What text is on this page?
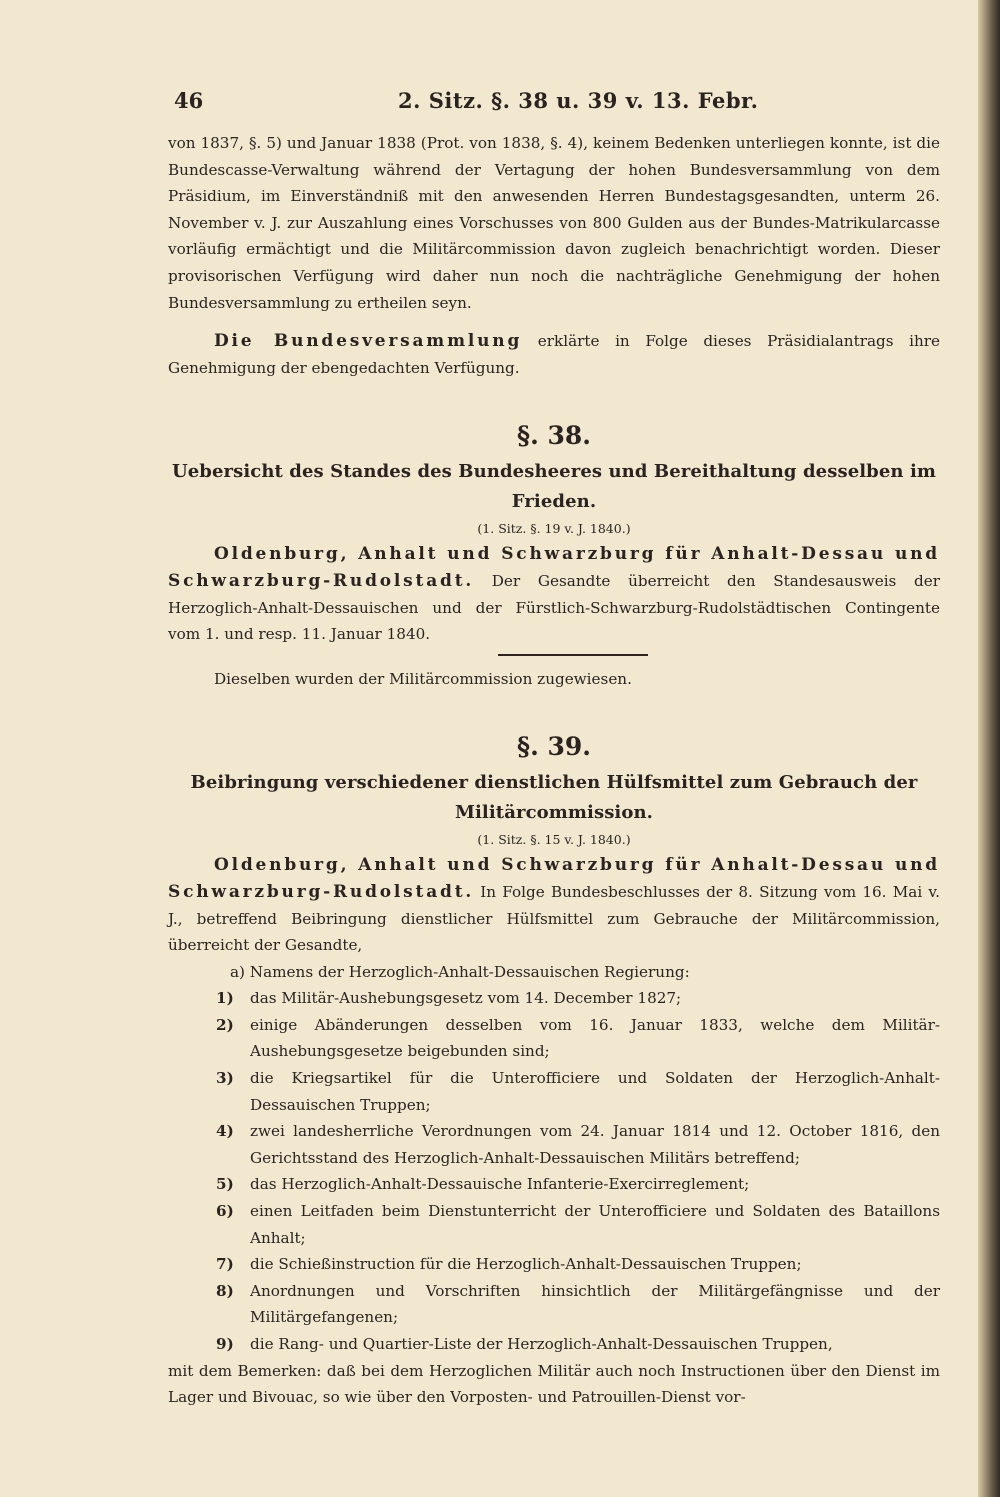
46	2. Sitz. §. 38 u. 39 v. 13. Febr.

von 1837, §. 5) und Januar 1838 (Prot. von 1838, §. 4), keinem Bedenken unterliegen konnte, ist die Bundescasse-Verwaltung während der Vertagung der hohen Bundesversammlung von dem Präsidium, im Einverständniß mit den anwesenden Herren Bundestagsgesandten, unterm 26. November v. J. zur Auszahlung eines Vorschusses von 800 Gulden aus der Bundes-Matrikularcasse vorläufig ermächtigt und die Militärcommission davon zugleich benachrichtigt worden. Dieser provisorischen Verfügung wird daher nun noch die nachträgliche Genehmigung der hohen Bundesversammlung zu ertheilen seyn.

Die Bundesversammlung erklärte in Folge dieses Präsidialantrags ihre Genehmigung der ebengedachten Verfügung.

§. 38.
Uebersicht des Standes des Bundesheeres und Bereithaltung desselben im Frieden.
(1. Sitz. §. 19 v. J. 1840.)

Oldenburg, Anhalt und Schwarzburg für Anhalt-Dessau und Schwarzburg-Rudolstadt. Der Gesandte überreicht den Standesausweis der Herzoglich-Anhalt-Dessauischen und der Fürstlich-Schwarzburg-Rudolstädtischen Contingente vom 1. und resp. 11. Januar 1840.

Dieselben wurden der Militärcommission zugewiesen.

§. 39.
Beibringung verschiedener dienstlichen Hülfsmittel zum Gebrauch der Militärcommission.
(1. Sitz. §. 15 v. J. 1840.)

Oldenburg, Anhalt und Schwarzburg für Anhalt-Dessau und Schwarzburg-Rudolstadt. In Folge Bundesbeschlusses der 8. Sitzung vom 16. Mai v. J., betreffend Beibringung dienstlicher Hülfsmittel zum Gebrauche der Militärcommission, überreicht der Gesandte,

a) Namens der Herzoglich-Anhalt-Dessauischen Regierung:

1) das Militär-Aushebungsgesetz vom 14. December 1827;

2) einige Abänderungen desselben vom 16. Januar 1833, welche dem Militär-Aushebungsgesetze beigebunden sind;

3) die Kriegsartikel für die Unterofficiere und Soldaten der Herzoglich-Anhalt-Dessauischen Truppen;

4) zwei landesherrliche Verordnungen vom 24. Januar 1814 und 12. October 1816, den Gerichtsstand des Herzoglich-Anhalt-Dessauischen Militärs betreffend;

5) das Herzoglich-Anhalt-Dessauische Infanterie-Exercirreglement;

6) einen Leitfaden beim Dienstunterricht der Unterofficiere und Soldaten des Bataillons Anhalt;

7) die Schießinstruction für die Herzoglich-Anhalt-Dessauischen Truppen;

8) Anordnungen und Vorschriften hinsichtlich der Militärgefängnisse und der Militärgefangenen;

9) die Rang- und Quartier-Liste der Herzoglich-Anhalt-Dessauischen Truppen,

mit dem Bemerken: daß bei dem Herzoglichen Militär auch noch Instructionen über den Dienst im Lager und Bivouac, so wie über den Vorposten- und Patrouillen-Dienst vor-
